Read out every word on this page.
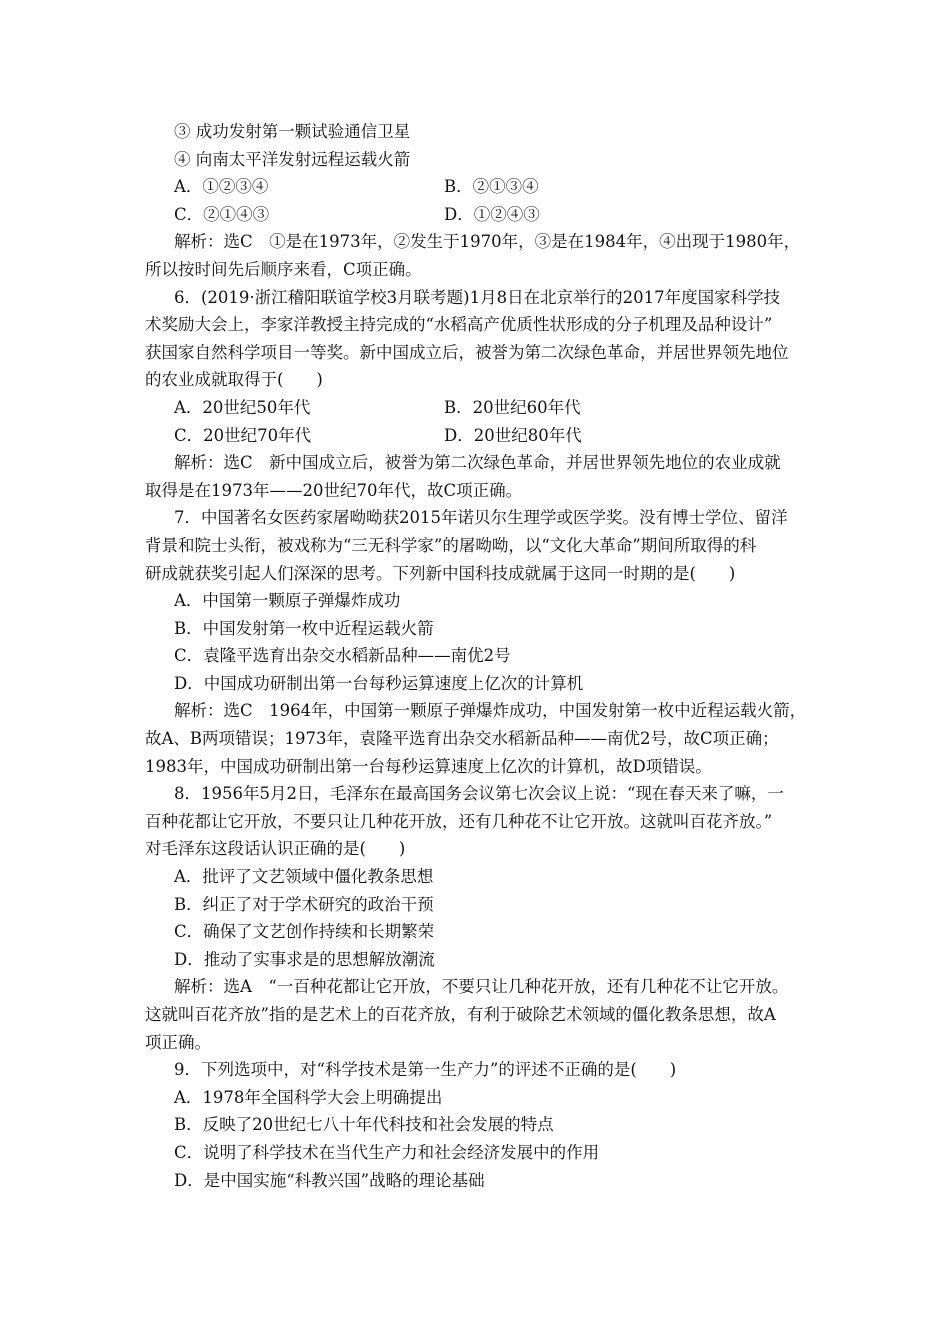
③ 成功发射第一颗试验通信卫星
④ 向南太平洋发射远程运载火箭
A．①②③④	B．②①③④
C．②①④③	D．①②④③
解析：选C　①是在1973年，②发生于1970年，③是在1984年，④出现于1980年，
所以按时间先后顺序来看，C项正确。
6．(2019·浙江稽阳联谊学校3月联考题)1月8日在北京举行的2017年度国家科学技
术奖励大会上，李家洋教授主持完成的“水稻高产优质性状形成的分子机理及品种设计”
获国家自然科学项目一等奖。新中国成立后，被誉为第二次绿色革命，并居世界领先地位
的农业成就取得于(　　)
A．20世纪50年代	B．20世纪60年代
C．20世纪70年代	D．20世纪80年代
解析：选C　新中国成立后，被誉为第二次绿色革命，并居世界领先地位的农业成就
取得是在1973年——20世纪70年代，故C项正确。
7．中国著名女医药家屠呦呦获2015年诺贝尔生理学或医学奖。没有博士学位、留洋
背景和院士头衔，被戏称为“三无科学家”的屠呦呦，以“文化大革命”期间所取得的科
研成就获奖引起人们深深的思考。下列新中国科技成就属于这同一时期的是(　　)
A．中国第一颗原子弹爆炸成功
B．中国发射第一枚中近程运载火箭
C．袁隆平选育出杂交水稻新品种——南优2号
D．中国成功研制出第一台每秒运算速度上亿次的计算机
解析：选C　1964年，中国第一颗原子弹爆炸成功，中国发射第一枚中近程运载火箭，
故A、B两项错误；1973年，袁隆平选育出杂交水稻新品种——南优2号，故C项正确；
1983年，中国成功研制出第一台每秒运算速度上亿次的计算机，故D项错误。
8．1956年5月2日，毛泽东在最高国务会议第七次会议上说：“现在春天来了嘛，一
百种花都让它开放，不要只让几种花开放，还有几种花不让它开放。这就叫百花齐放。”
对毛泽东这段话认识正确的是(　　)
A．批评了文艺领域中僵化教条思想
B．纠正了对于学术研究的政治干预
C．确保了文艺创作持续和长期繁荣
D．推动了实事求是的思想解放潮流
解析：选A　“一百种花都让它开放，不要只让几种花开放，还有几种花不让它开放。
这就叫百花齐放”指的是艺术上的百花齐放，有利于破除艺术领域的僵化教条思想，故A
项正确。
9．下列选项中，对“科学技术是第一生产力”的评述不正确的是(　　)
A．1978年全国科学大会上明确提出
B．反映了20世纪七八十年代科技和社会发展的特点
C．说明了科学技术在当代生产力和社会经济发展中的作用
D．是中国实施“科教兴国”战略的理论基础
